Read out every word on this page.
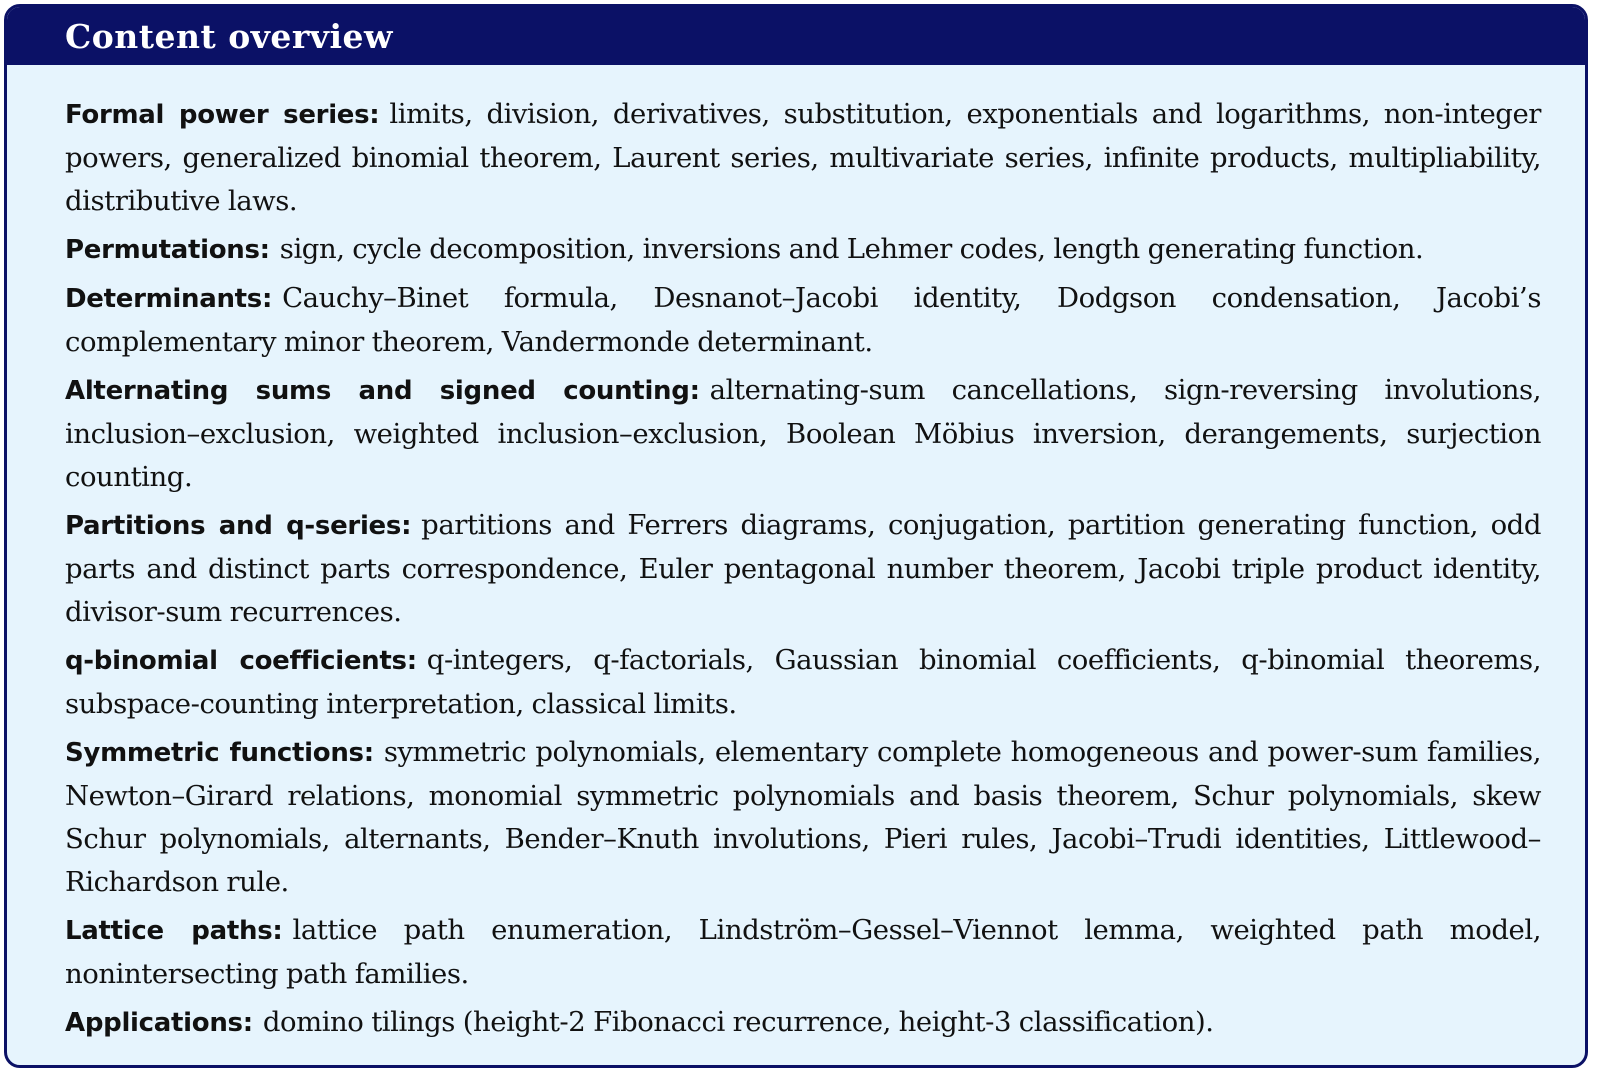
Content overview

Formal power series: limits, division, derivatives, substitution, exponentials and logarithms, non-integer powers, generalized binomial theorem, Laurent series, multivariate series, infinite products, multipliability, distributive laws.

Permutations: sign, cycle decomposition, inversions and Lehmer codes, length generating function.

Determinants: Cauchy–Binet formula, Desnanot–Jacobi identity, Dodgson condensation, Jacobi’s complementary minor theorem, Vandermonde determinant.

Alternating sums and signed counting: alternating-sum cancellations, sign-reversing involutions, inclusion–exclusion, weighted inclusion–exclusion, Boolean Möbius inversion, derangements, surjection counting.

Partitions and q-series: partitions and Ferrers diagrams, conjugation, partition generating function, odd parts and distinct parts correspondence, Euler pentagonal number theorem, Jacobi triple product identity, divisor-sum recurrences.

q-binomial coefficients: q-integers, q-factorials, Gaussian binomial coefficients, q-binomial theorems, subspace-counting interpretation, classical limits.

Symmetric functions: symmetric polynomials, elementary complete homogeneous and power-sum families, Newton–Girard relations, monomial symmetric polynomials and basis theorem, Schur polynomials, skew Schur polynomials, alternants, Bender–Knuth involutions, Pieri rules, Jacobi–Trudi identities, Littlewood–Richardson rule.

Lattice paths: lattice path enumeration, Lindström–Gessel–Viennot lemma, weighted path model, nonintersecting path families.

Applications: domino tilings (height-2 Fibonacci recurrence, height-3 classification).
